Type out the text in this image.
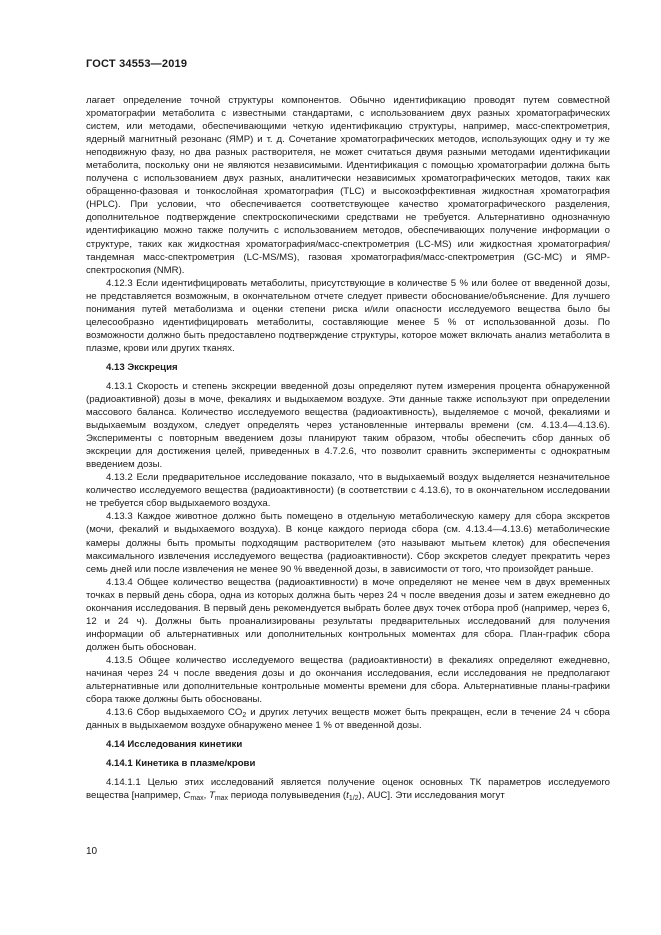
ГОСТ 34553—2019

лагает определение точной структуры компонентов. Обычно идентификацию проводят путем совместной хроматографии метаболита с известными стандартами, с использованием двух разных хроматографических систем, или методами, обеспечивающими четкую идентификацию структуры, например, масс-спектрометрия, ядерный магнитный резонанс (ЯМР) и т. д. Сочетание хроматографических методов, использующих одну и ту же неподвижную фазу, но два разных растворителя, не может считаться двумя разными методами идентификации метаболита, поскольку они не являются независимыми. Идентификация с помощью хроматографии должна быть получена с использованием двух разных, аналитически независимых хроматографических методов, таких как обращенно-фазовая и тонкослойная хроматография (TLC) и высокоэффективная жидкостная хроматография (HPLC). При условии, что обеспечивается соответствующее качество хроматографического разделения, дополнительное подтверждение спектроскопическими средствами не требуется. Альтернативно однозначную идентификацию можно также получить с использованием методов, обеспечивающих получение информации о структуре, таких как жидкостная хроматография/масс-спектрометрия (LC-MS) или жидкостная хроматография/тандемная масс-спектрометрия (LC-MS/MS), газовая хроматография/масс-спектрометрия (GC-MC) и ЯМР-спектроскопия (NMR).

4.12.3 Если идентифицировать метаболиты, присутствующие в количестве 5 % или более от введенной дозы, не представляется возможным, в окончательном отчете следует привести обоснование/объяснение. Для лучшего понимания путей метаболизма и оценки степени риска и/или опасности исследуемого вещества было бы целесообразно идентифицировать метаболиты, составляющие менее 5 % от использованной дозы. По возможности должно быть предоставлено подтверждение структуры, которое может включать анализ метаболита в плазме, крови или других тканях.

4.13 Экскреция

4.13.1 Скорость и степень экскреции введенной дозы определяют путем измерения процента обнаруженной (радиоактивной) дозы в моче, фекалиях и выдыхаемом воздухе. Эти данные также используют при определении массового баланса. Количество исследуемого вещества (радиоактивность), выделяемое с мочой, фекалиями и выдыхаемым воздухом, следует определять через установленные интервалы времени (см. 4.13.4—4.13.6). Эксперименты с повторным введением дозы планируют таким образом, чтобы обеспечить сбор данных об экскреции для достижения целей, приведенных в 4.7.2.6, что позволит сравнить эксперименты с однократным введением дозы.

4.13.2 Если предварительное исследование показало, что в выдыхаемый воздух выделяется незначительное количество исследуемого вещества (радиоактивности) (в соответствии с 4.13.6), то в окончательном исследовании не требуется сбор выдыхаемого воздуха.

4.13.3 Каждое животное должно быть помещено в отдельную метаболическую камеру для сбора экскретов (мочи, фекалий и выдыхаемого воздуха). В конце каждого периода сбора (см. 4.13.4—4.13.6) метаболические камеры должны быть промыты подходящим растворителем (это называют мытьем клеток) для обеспечения максимального извлечения исследуемого вещества (радиоактивности). Сбор экскретов следует прекратить через семь дней или после извлечения не менее 90 % введенной дозы, в зависимости от того, что произойдет раньше.

4.13.4 Общее количество вещества (радиоактивности) в моче определяют не менее чем в двух временных точках в первый день сбора, одна из которых должна быть через 24 ч после введения дозы и затем ежедневно до окончания исследования. В первый день рекомендуется выбрать более двух точек отбора проб (например, через 6, 12 и 24 ч). Должны быть проанализированы результаты предварительных исследований для получения информации об альтернативных или дополнительных контрольных моментах для сбора. План-график сбора должен быть обоснован.

4.13.5 Общее количество исследуемого вещества (радиоактивности) в фекалиях определяют ежедневно, начиная через 24 ч после введения дозы и до окончания исследования, если исследования не предполагают альтернативные или дополнительные контрольные моменты времени для сбора. Альтернативные планы-графики сбора также должны быть обоснованы.

4.13.6 Сбор выдыхаемого $CO_2$ и других летучих веществ может быть прекращен, если в течение 24 ч сбора данных в выдыхаемом воздухе обнаружено менее 1 % от введенной дозы.

4.14 Исследования кинетики
4.14.1 Кинетика в плазме/крови

4.14.1.1 Целью этих исследований является получение оценок основных ТК параметров исследуемого вещества [например, $C_{max}$, $T_{max}$ периода полувыведения $(t_{1/2})$, AUC]. Эти исследования могут

10
